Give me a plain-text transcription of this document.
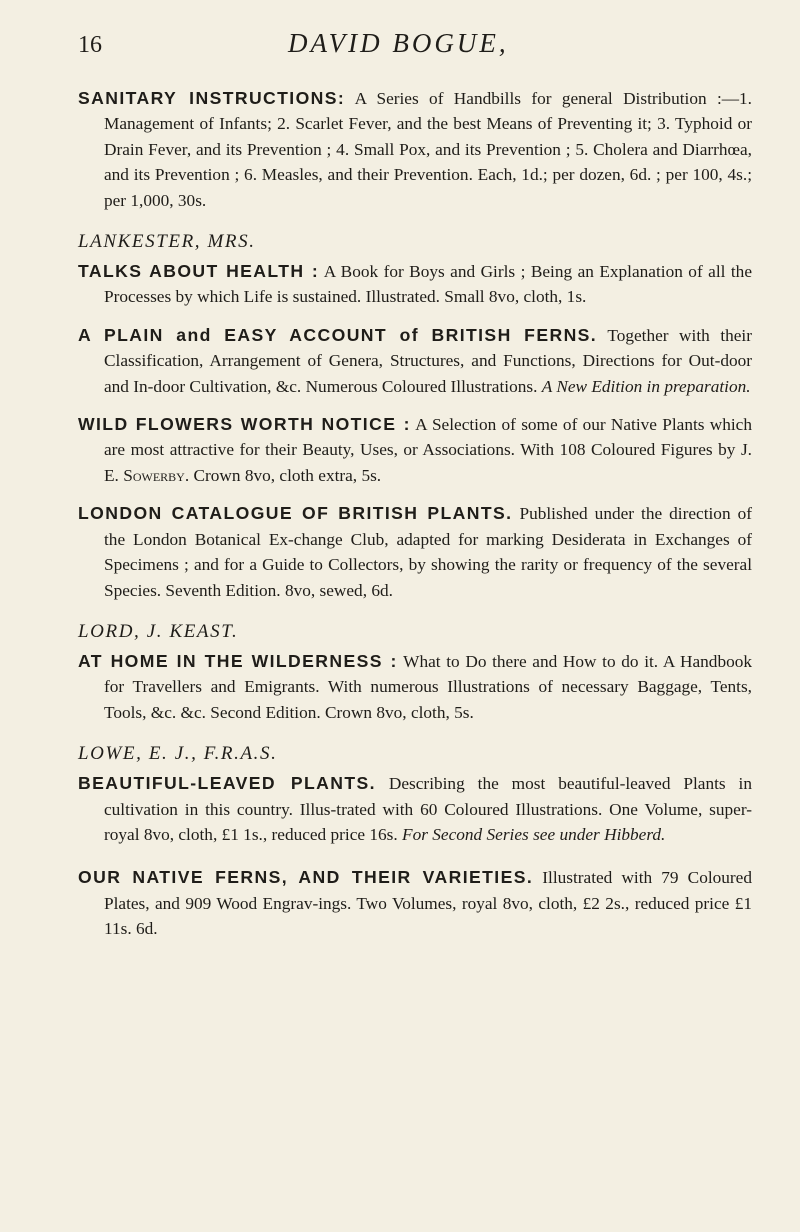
16	DAVID BOGUE,

SANITARY INSTRUCTIONS: A Series of Handbills for general Distribution :—1. Management of Infants; 2. Scarlet Fever, and the best Means of Preventing it; 3. Typhoid or Drain Fever, and its Prevention ; 4. Small Pox, and its Prevention ; 5. Cholera and Diarrhœa, and its Prevention ; 6. Measles, and their Prevention. Each, 1d.; per dozen, 6d. ; per 100, 4s.; per 1,000, 30s.

LANKESTER, MRS.

TALKS ABOUT HEALTH : A Book for Boys and Girls ; Being an Explanation of all the Processes by which Life is sustained. Illustrated. Small 8vo, cloth, 1s.

A PLAIN and EASY ACCOUNT of BRITISH FERNS. Together with their Classification, Arrangement of Genera, Structures, and Functions, Directions for Out-door and In-door Cultivation, &c. Numerous Coloured Illustrations. A New Edition in preparation.

WILD FLOWERS WORTH NOTICE : A Selection of some of our Native Plants which are most attractive for their Beauty, Uses, or Associations. With 108 Coloured Figures by J. E. Sowerby. Crown 8vo, cloth extra, 5s.

LONDON CATALOGUE OF BRITISH PLANTS. Published under the direction of the London Botanical Ex-change Club, adapted for marking Desiderata in Exchanges of Specimens ; and for a Guide to Collectors, by showing the rarity or frequency of the several Species. Seventh Edition. 8vo, sewed, 6d.

LORD, J. KEAST.

AT HOME IN THE WILDERNESS : What to Do there and How to do it. A Handbook for Travellers and Emigrants. With numerous Illustrations of necessary Baggage, Tents, Tools, &c. &c. Second Edition. Crown 8vo, cloth, 5s.

LOWE, E. J., F.R.A.S.

BEAUTIFUL-LEAVED PLANTS. Describing the most beautiful-leaved Plants in cultivation in this country. Illus-trated with 60 Coloured Illustrations. One Volume, super-royal 8vo, cloth, £1 1s., reduced price 16s. For Second Series see under Hibberd.

OUR NATIVE FERNS, AND THEIR VARIETIES. Illustrated with 79 Coloured Plates, and 909 Wood Engrav-ings. Two Volumes, royal 8vo, cloth, £2 2s., reduced price £1 11s. 6d.
